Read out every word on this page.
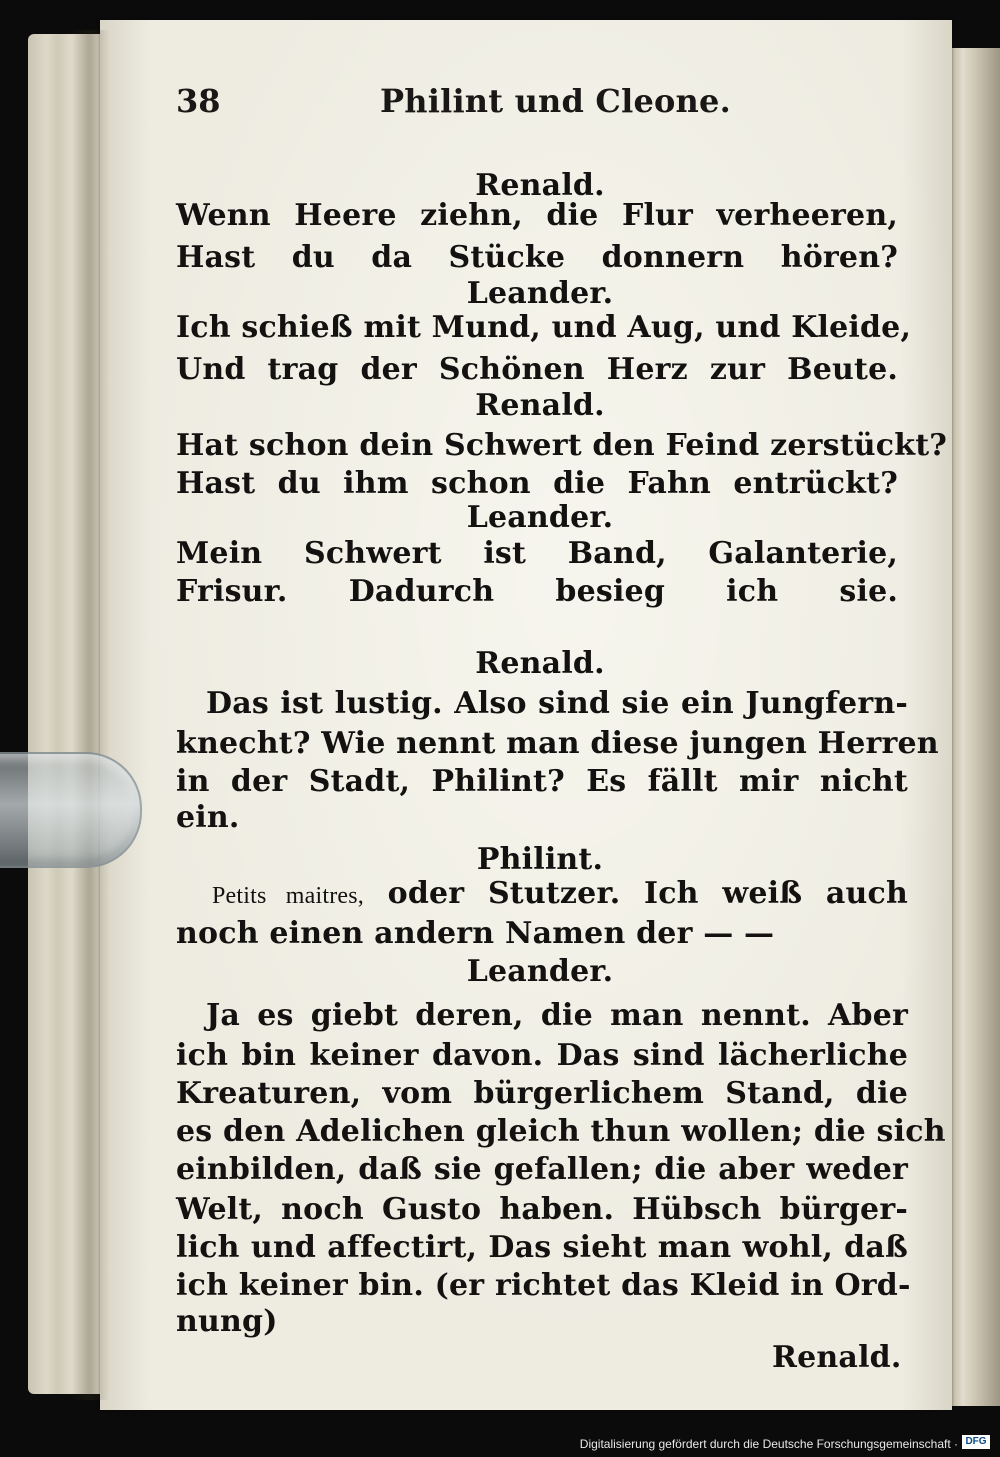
38	Philint und Cleone.
Renald.
Wenn Heere ziehn, die Flur verheeren,
Hast du da Stücke donnern hören?
Leander.
Ich schieß mit Mund, und Aug, und Kleide,
Und trag der Schönen Herz zur Beute.
Renald.
Hat schon dein Schwert den Feind zerstückt?
Hast du ihm schon die Fahn entrückt?
Leander.
Mein Schwert ist Band, Galanterie,
Frisur. Dadurch besieg ich sie.
Renald.
Das ist lustig. Also sind sie ein Jungfern-
knecht? Wie nennt man diese jungen Herren
in der Stadt, Philint? Es fällt mir nicht
ein.
Philint.
Petits maitres, oder Stutzer. Ich weiß auch
noch einen andern Namen der — —
Leander.
Ja es giebt deren, die man nennt. Aber
ich bin keiner davon. Das sind lächerliche
Kreaturen, vom bürgerlichem Stand, die
es den Adelichen gleich thun wollen; die sich
einbilden, daß sie gefallen; die aber weder
Welt, noch Gusto haben. Hübsch bürger-
lich und affectirt, Das sieht man wohl, daß
ich keiner bin. (er richtet das Kleid in Ord-
nung)
Renald.
Digitalisierung gefördert durch die Deutsche Forschungsgemeinschaft · DFG
